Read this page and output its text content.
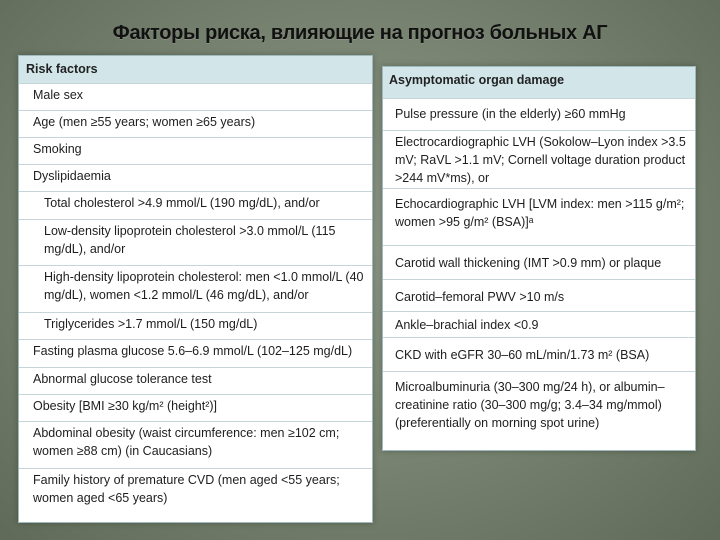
Факторы риска, влияющие на прогноз больных АГ
Risk factors
Male sex
Age (men ≥55 years; women ≥65 years)
Smoking
Dyslipidaemia
Total cholesterol >4.9 mmol/L (190 mg/dL), and/or
Low-density lipoprotein cholesterol >3.0 mmol/L (115 mg/dL), and/or
High-density lipoprotein cholesterol: men <1.0 mmol/L (40 mg/dL), women <1.2 mmol/L (46 mg/dL), and/or
Triglycerides >1.7 mmol/L (150 mg/dL)
Fasting plasma glucose 5.6–6.9 mmol/L (102–125 mg/dL)
Abnormal glucose tolerance test
Obesity [BMI ≥30 kg/m² (height²)]
Abdominal obesity (waist circumference: men ≥102 cm; women ≥88 cm) (in Caucasians)
Family history of premature CVD (men aged <55 years; women aged <65 years)
Asymptomatic organ damage
Pulse pressure (in the elderly) ≥60 mmHg
Electrocardiographic LVH (Sokolow–Lyon index >3.5 mV; RaVL >1.1 mV; Cornell voltage duration product >244 mV*ms), or
Echocardiographic LVH [LVM index: men >115 g/m²; women >95 g/m² (BSA)]ᵃ
Carotid wall thickening (IMT >0.9 mm) or plaque
Carotid–femoral PWV >10 m/s
Ankle–brachial index <0.9
CKD with eGFR 30–60 mL/min/1.73 m² (BSA)
Microalbuminuria (30–300 mg/24 h), or albumin–creatinine ratio (30–300 mg/g; 3.4–34 mg/mmol) (preferentially on morning spot urine)
